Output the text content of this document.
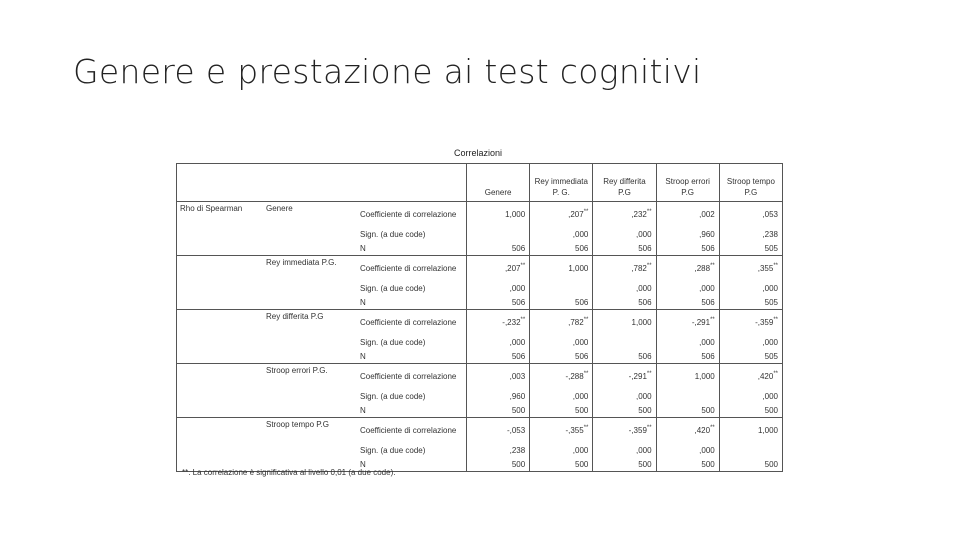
Genere e prestazione ai test cognitivi
Correlazioni
			Genere	Rey immediata P. G.	Rey differita P.G	Stroop errori P.G	Stroop tempo P.G
Rho di Spearman	Genere	Coefficiente di correlazione	1,000	,207**	,232**	,002	,053
		Sign. (a due code)		,000	,000	,960	,238
		N	506	506	506	506	505
	Rey immediata P.G.	Coefficiente di correlazione	,207**	1,000	,782**	,288**	,355**
		Sign. (a due code)	,000		,000	,000	,000
		N	506	506	506	506	505
	Rey differita P.G	Coefficiente di correlazione	-,232**	,782**	1,000	-,291**	-,359**
		Sign. (a due code)	,000	,000		,000	,000
		N	506	506	506	506	505
	Stroop errori P.G.	Coefficiente di correlazione	,003	-,288**	-,291**	1,000	,420**
		Sign. (a due code)	,960	,000	,000		,000
		N	500	500	500	500	500
	Stroop tempo P.G	Coefficiente di correlazione	-,053	-,355**	-,359**	,420**	1,000
		Sign. (a due code)	,238	,000	,000	,000	
		N	500	500	500	500	500
**. La correlazione è significativa al livello 0,01 (a due code).
